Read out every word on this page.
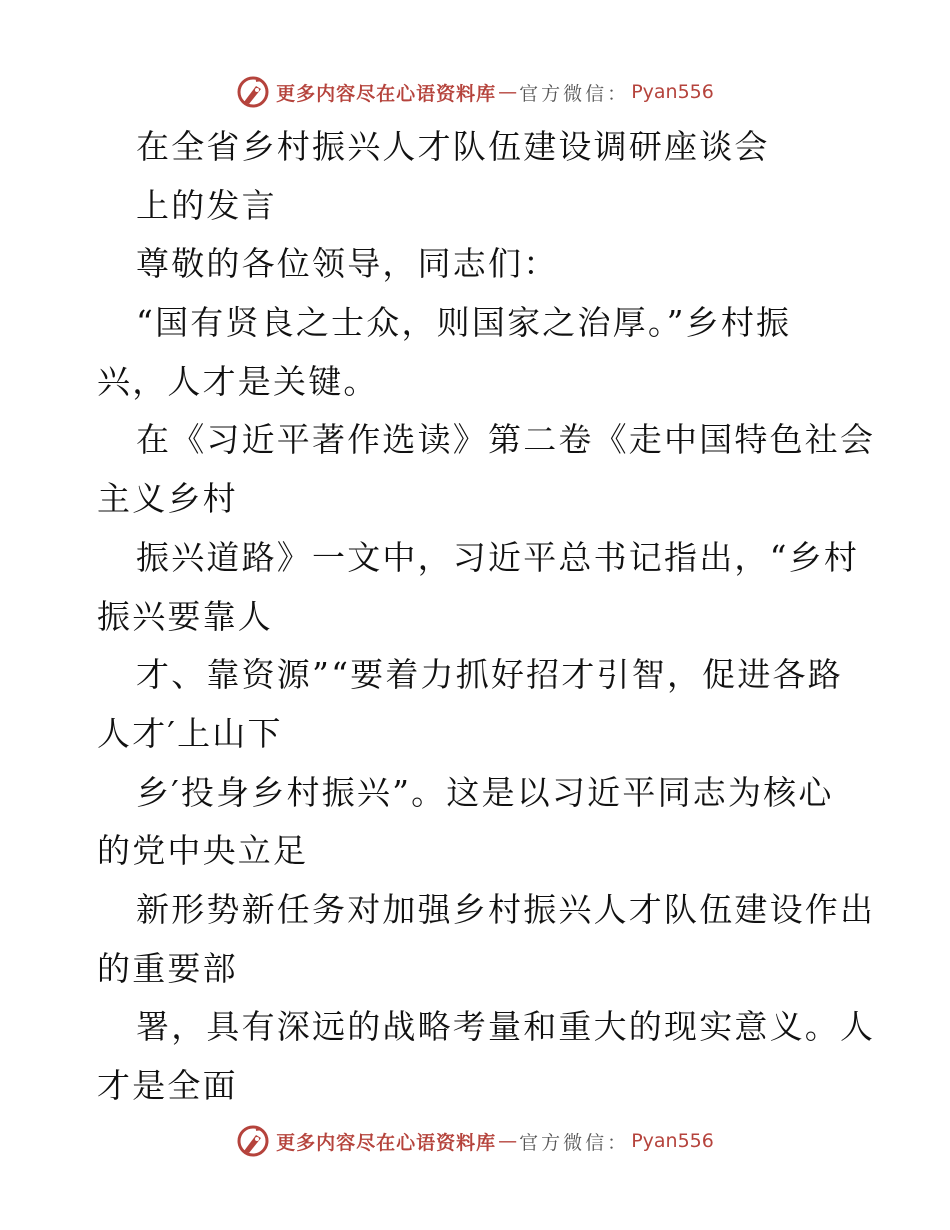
更多内容尽在心语资料库 — 官方微信： Pyan556
在全省乡村振兴人才队伍建设调研座谈会
上的发言
尊敬的各位领导，同志们：
“国有贤良之士众，则国家之治厚。”乡村振
兴，人才是关键。
在《习近平著作选读》第二卷《走中国特色社会
主义乡村
振兴道路》一文中，习近平总书记指出，“乡村
振兴要靠人
才、靠资源”“要着力抓好招才引智，促进各路
人才′上山下
乡′投身乡村振兴”。这是以习近平同志为核心
的党中央立足
新形势新任务对加强乡村振兴人才队伍建设作出
的重要部
署，具有深远的战略考量和重大的现实意义。人
才是全面
更多内容尽在心语资料库 — 官方微信： Pyan556
